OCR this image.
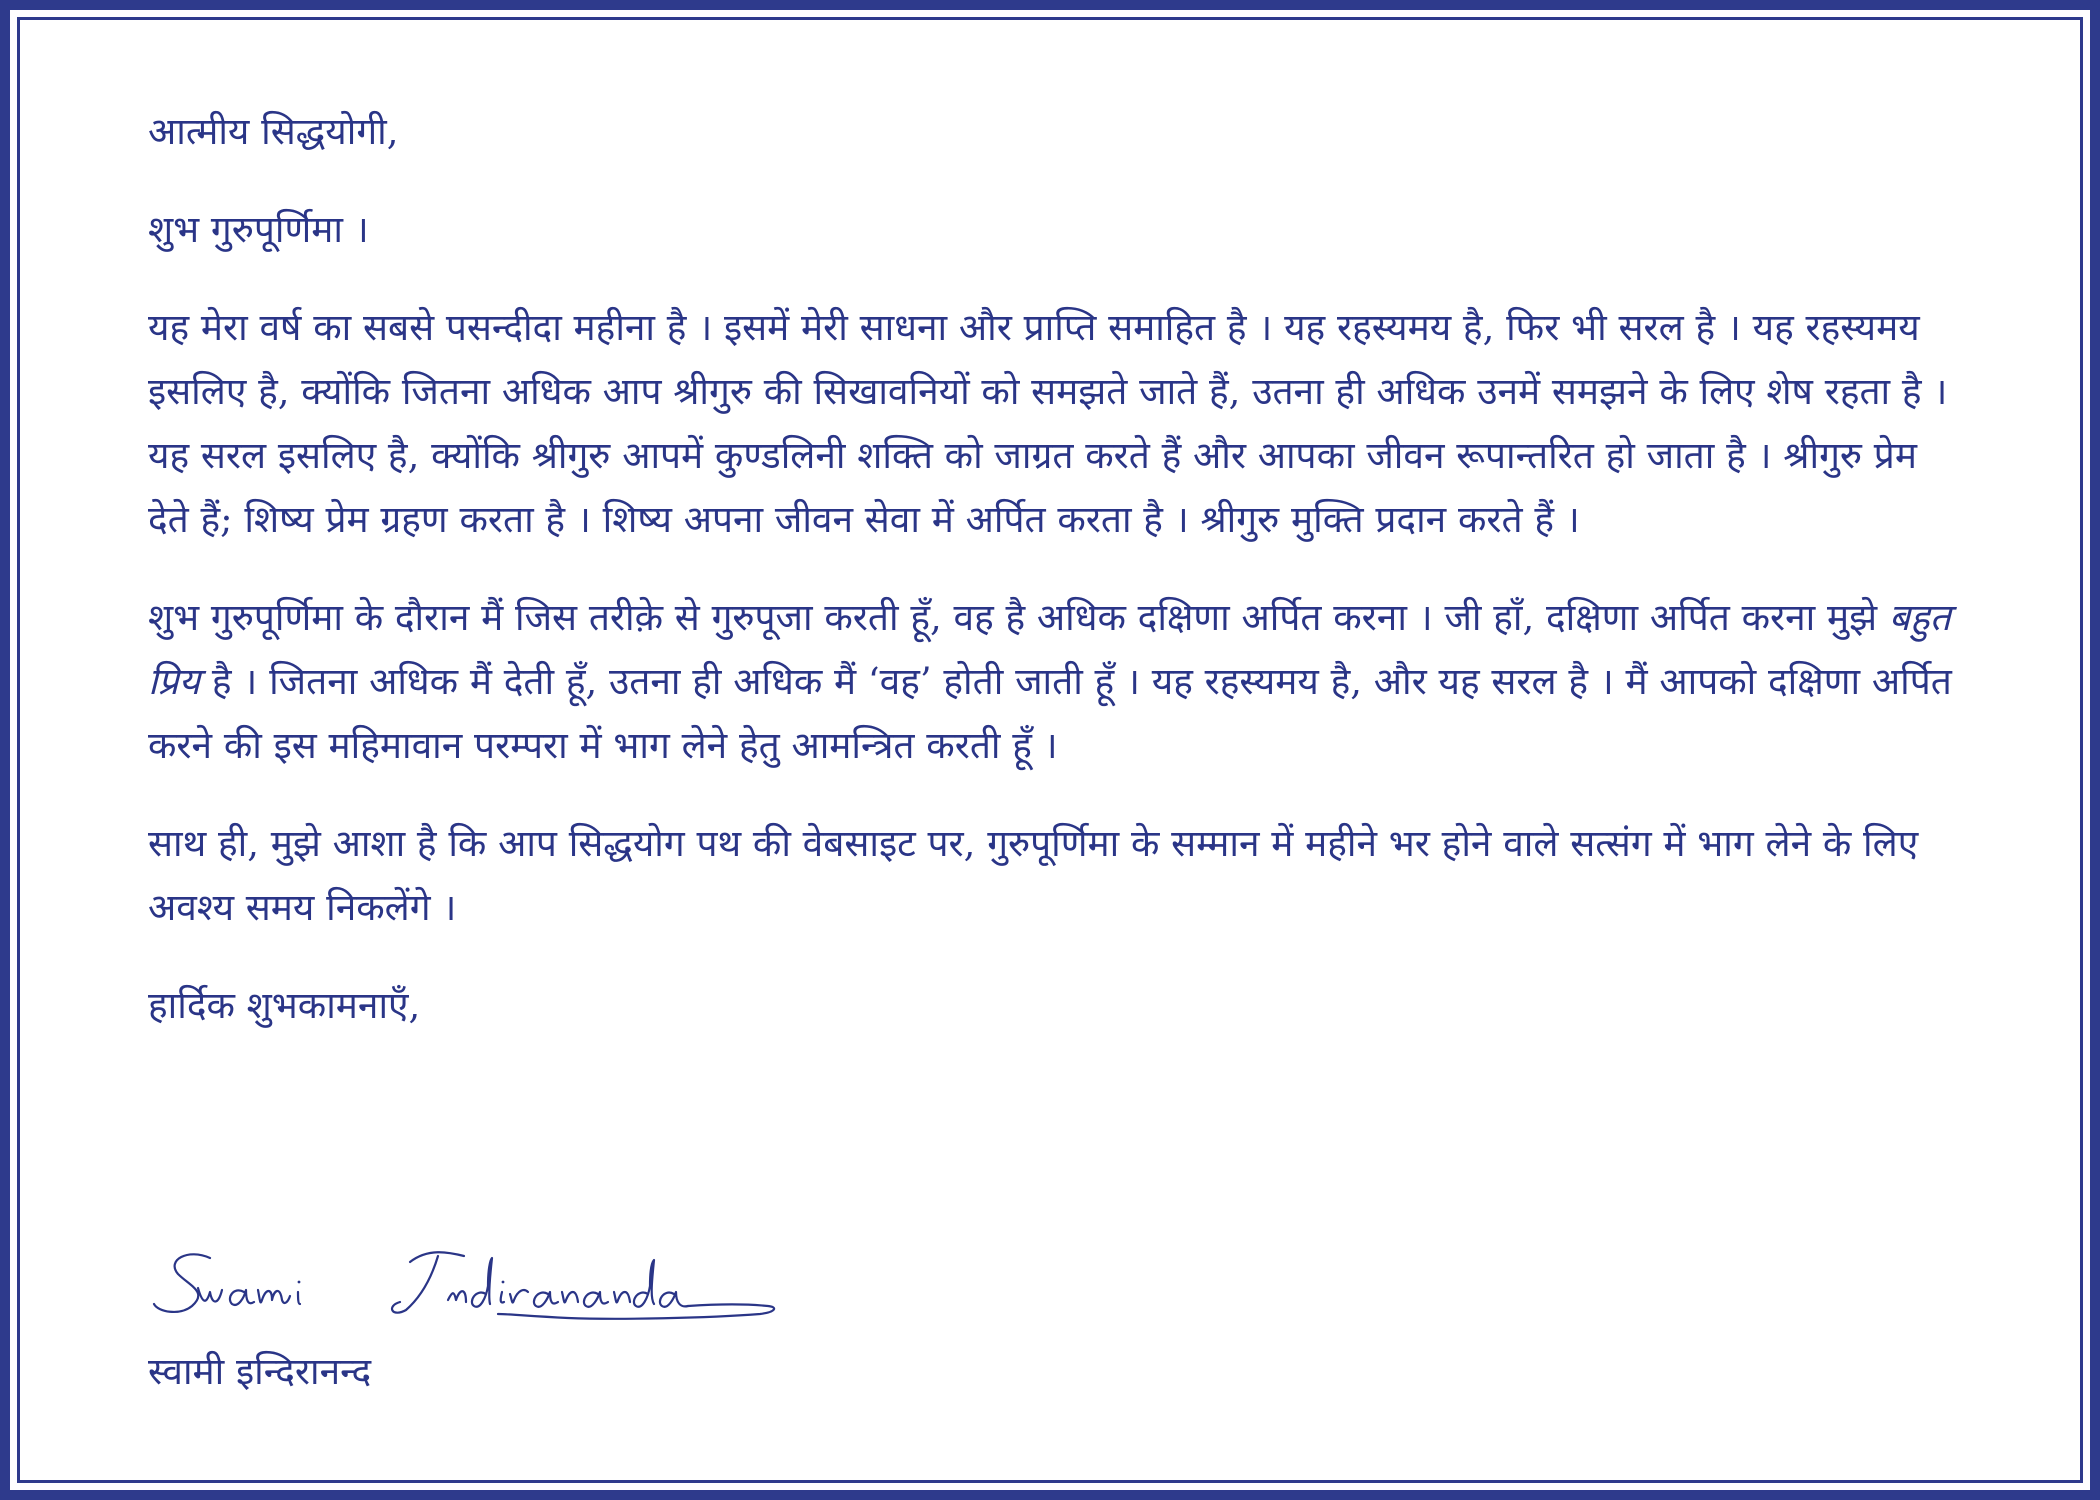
आत्मीय सिद्धयोगी,

शुभ गुरुपूर्णिमा ।

यह मेरा वर्ष का सबसे पसन्दीदा महीना है । इसमें मेरी साधना और प्राप्ति समाहित है । यह रहस्यमय है, फिर भी सरल है । यह रहस्यमय इसलिए है, क्योंकि जितना अधिक आप श्रीगुरु की सिखावनियों को समझते जाते हैं, उतना ही अधिक उनमें समझने के लिए शेष रहता है । यह सरल इसलिए है, क्योंकि श्रीगुरु आपमें कुण्डलिनी शक्ति को जाग्रत करते हैं और आपका जीवन रूपान्तरित हो जाता है । श्रीगुरु प्रेम देते हैं; शिष्य प्रेम ग्रहण करता है । शिष्य अपना जीवन सेवा में अर्पित करता है । श्रीगुरु मुक्ति प्रदान करते हैं ।

शुभ गुरुपूर्णिमा के दौरान मैं जिस तरीक़े से गुरुपूजा करती हूँ, वह है अधिक दक्षिणा अर्पित करना । जी हाँ, दक्षिणा अर्पित करना मुझे बहुत प्रिय है । जितना अधिक मैं देती हूँ, उतना ही अधिक मैं ‘वह’ होती जाती हूँ । यह रहस्यमय है, और यह सरल है । मैं आपको दक्षिणा अर्पित करने की इस महिमावान परम्परा में भाग लेने हेतु आमन्त्रित करती हूँ ।

साथ ही, मुझे आशा है कि आप सिद्धयोग पथ की वेबसाइट पर, गुरुपूर्णिमा के सम्मान में महीने भर होने वाले सत्संग में भाग लेने के लिए अवश्य समय निकलेंगे ।

हार्दिक शुभकामनाएँ,

स्वामी इन्दिरानन्द
